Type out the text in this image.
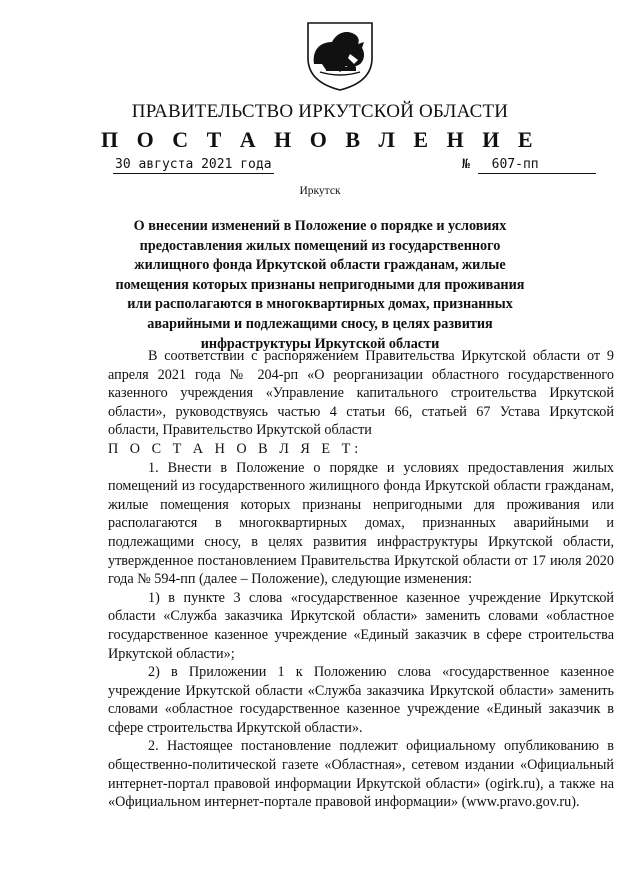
ПРАВИТЕЛЬСТВО ИРКУТСКОЙ ОБЛАСТИ
П О С Т А Н О В Л Е Н И Е
30 августа 2021 года	№ 607-пп
Иркутск
О внесении изменений в Положение о порядке и условиях предоставления жилых помещений из государственного жилищного фонда Иркутской области гражданам, жилые помещения которых признаны непригодными для проживания или располагаются в многоквартирных домах, признанных аварийными и подлежащими сносу, в целях развития инфраструктуры Иркутской области

В соответствии с распоряжением Правительства Иркутской области от 9 апреля 2021 года № 204-рп «О реорганизации областного государственного казенного учреждения «Управление капитального строительства Иркутской области», руководствуясь частью 4 статьи 66, статьей 67 Устава Иркутской области, Правительство Иркутской области

П О С Т А Н О В Л Я Е Т:

1. Внести в Положение о порядке и условиях предоставления жилых помещений из государственного жилищного фонда Иркутской области гражданам, жилые помещения которых признаны непригодными для проживания или располагаются в многоквартирных домах, признанных аварийными и подлежащими сносу, в целях развития инфраструктуры Иркутской области, утвержденное постановлением Правительства Иркутской области от 17 июля 2020 года № 594-пп (далее – Положение), следующие изменения:

1) в пункте 3 слова «государственное казенное учреждение Иркутской области «Служба заказчика Иркутской области» заменить словами «областное государственное казенное учреждение «Единый заказчик в сфере строительства Иркутской области»;

2) в Приложении 1 к Положению слова «государственное казенное учреждение Иркутской области «Служба заказчика Иркутской области» заменить словами «областное государственное казенное учреждение «Единый заказчик в сфере строительства Иркутской области».

2. Настоящее постановление подлежит официальному опубликованию в общественно-политической газете «Областная», сетевом издании «Официальный интернет-портал правовой информации Иркутской области» (ogirk.ru), а также на «Официальном интернет-портале правовой информации» (www.pravo.gov.ru).
